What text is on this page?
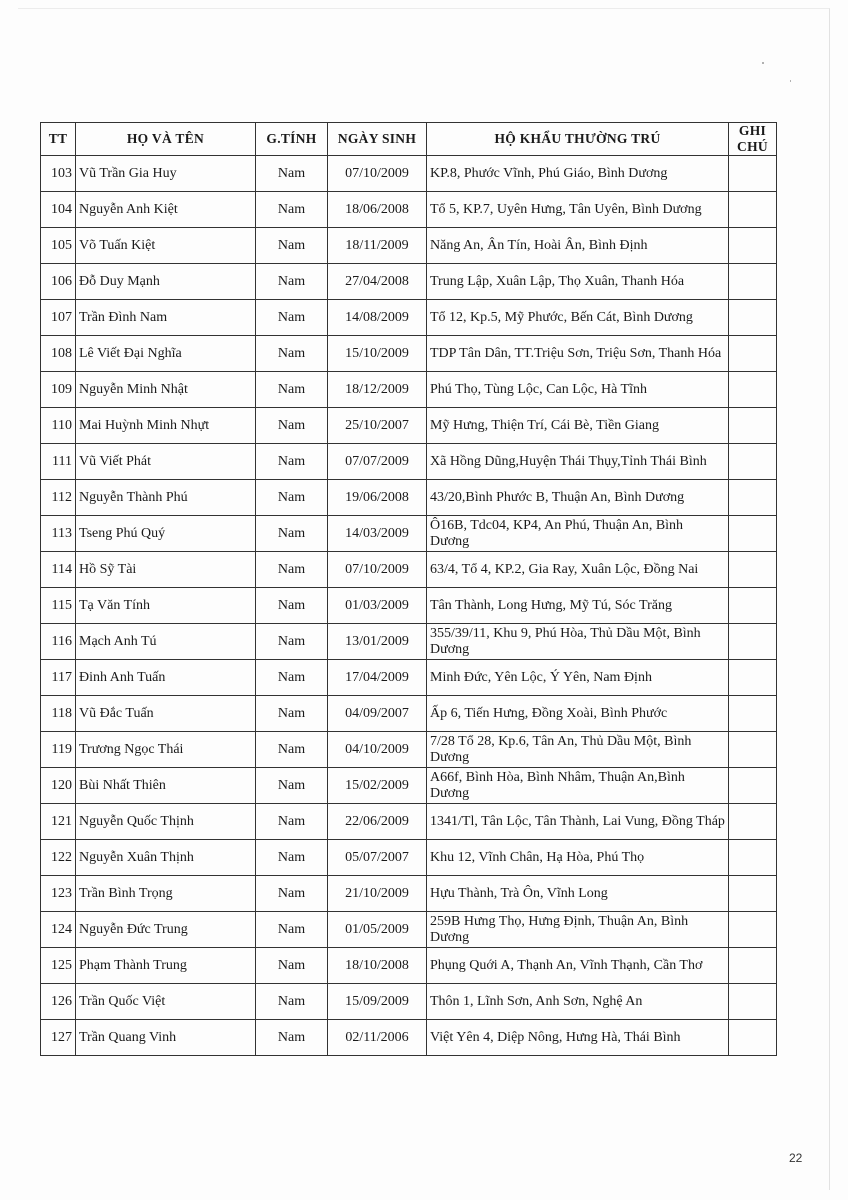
TT	HỌ VÀ TÊN	G.TÍNH	NGÀY SINH	HỘ KHẨU THƯỜNG TRÚ	GHI CHÚ
103	Vũ Trần Gia Huy	Nam	07/10/2009	KP.8, Phước Vĩnh, Phú Giáo, Bình Dương	
104	Nguyễn Anh Kiệt	Nam	18/06/2008	Tổ 5, KP.7, Uyên Hưng, Tân Uyên, Bình Dương	
105	Võ Tuấn Kiệt	Nam	18/11/2009	Năng An, Ân Tín, Hoài Ân, Bình Định	
106	Đỗ Duy Mạnh	Nam	27/04/2008	Trung Lập, Xuân Lập, Thọ Xuân, Thanh Hóa	
107	Trần Đình Nam	Nam	14/08/2009	Tổ 12, Kp.5, Mỹ Phước, Bến Cát, Bình Dương	
108	Lê Viết Đại Nghĩa	Nam	15/10/2009	TDP Tân Dân, TT.Triệu Sơn, Triệu Sơn, Thanh Hóa	
109	Nguyễn Minh Nhật	Nam	18/12/2009	Phú Thọ, Tùng Lộc, Can Lộc, Hà Tĩnh	
110	Mai Huỳnh Minh Nhựt	Nam	25/10/2007	Mỹ Hưng, Thiện Trí, Cái Bè, Tiền Giang	
111	Vũ Viết Phát	Nam	07/07/2009	Xã Hồng Dũng,Huyện Thái Thụy,Tỉnh Thái Bình	
112	Nguyễn Thành Phú	Nam	19/06/2008	43/20,Bình Phước B, Thuận An, Bình Dương	
113	Tseng Phú Quý	Nam	14/03/2009	Ô16B, Tdc04, KP4, An Phú, Thuận An, Bình Dương	
114	Hồ Sỹ Tài	Nam	07/10/2009	63/4, Tổ 4, KP.2, Gia Ray, Xuân Lộc, Đồng Nai	
115	Tạ Văn Tính	Nam	01/03/2009	Tân Thành, Long Hưng, Mỹ Tú, Sóc Trăng	
116	Mạch Anh Tú	Nam	13/01/2009	355/39/11, Khu 9, Phú Hòa, Thủ Dầu Một, Bình Dương	
117	Đinh Anh Tuấn	Nam	17/04/2009	Minh Đức, Yên Lộc, Ý Yên, Nam Định	
118	Vũ Đắc Tuấn	Nam	04/09/2007	Ấp 6, Tiến Hưng, Đồng Xoài, Bình Phước	
119	Trương Ngọc Thái	Nam	04/10/2009	7/28 Tổ 28, Kp.6, Tân An, Thủ Dầu Một, Bình Dương	
120	Bùi Nhất Thiên	Nam	15/02/2009	A66f, Bình Hòa, Bình Nhâm, Thuận An,Bình Dương	
121	Nguyễn Quốc Thịnh	Nam	22/06/2009	1341/Tl, Tân Lộc, Tân Thành, Lai Vung, Đồng Tháp	
122	Nguyễn Xuân Thịnh	Nam	05/07/2007	Khu 12, Vĩnh Chân, Hạ Hòa, Phú Thọ	
123	Trần Bình Trọng	Nam	21/10/2009	Hựu Thành, Trà Ôn, Vĩnh Long	
124	Nguyễn Đức Trung	Nam	01/05/2009	259B Hưng Thọ, Hưng Định, Thuận An, Bình Dương	
125	Phạm Thành Trung	Nam	18/10/2008	Phụng Quới A, Thạnh An, Vĩnh Thạnh, Cần Thơ	
126	Trần Quốc Việt	Nam	15/09/2009	Thôn 1, Lĩnh Sơn, Anh Sơn, Nghệ An	
127	Trần Quang Vinh	Nam	02/11/2006	Việt Yên 4, Diệp Nông, Hưng Hà, Thái Bình	
22
